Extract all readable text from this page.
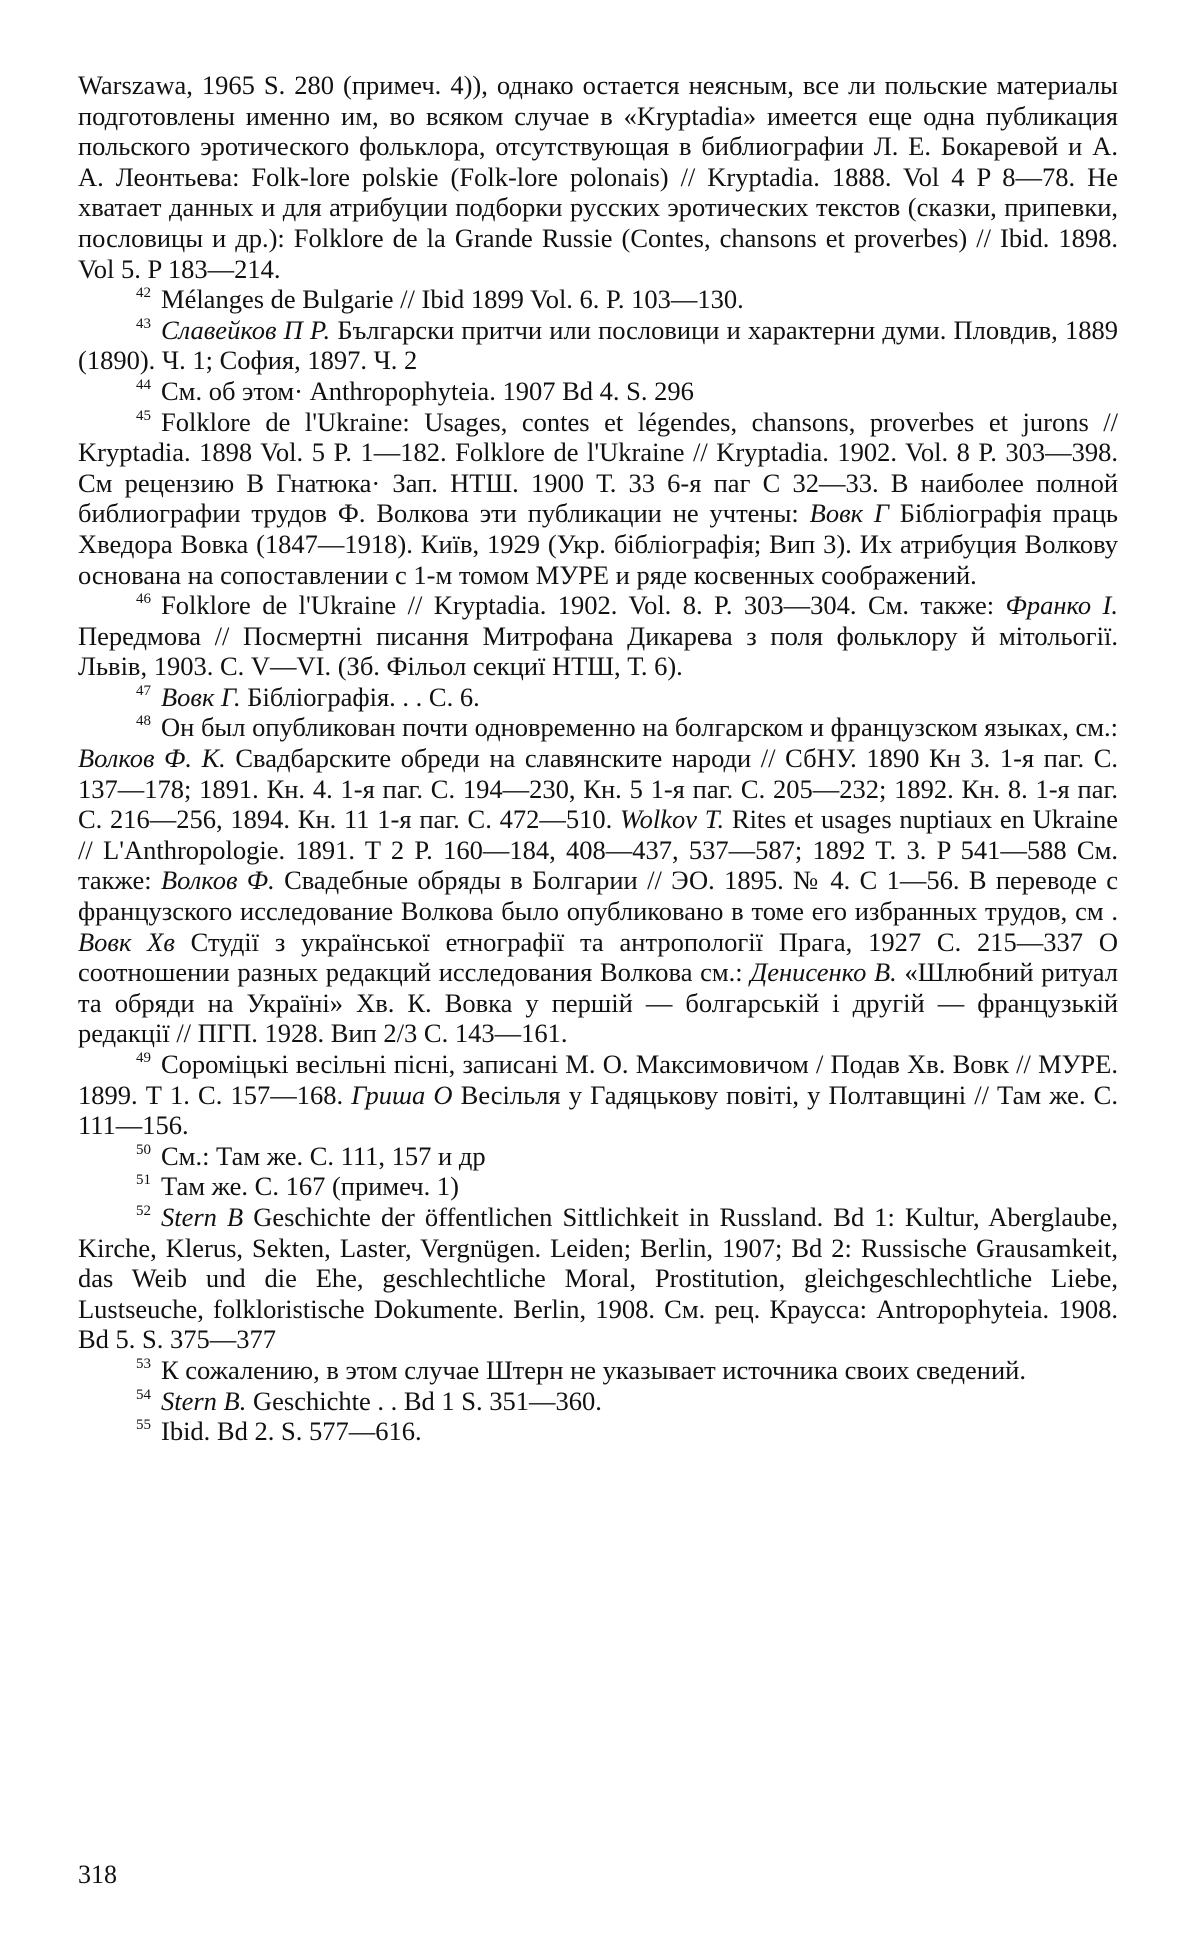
Warszawa, 1965 S. 280 (примеч. 4)), однако остается неясным, все ли польские материалы подготовлены именно им, во всяком случае в «Kryptadia» имеется еще одна публикация польского эротического фольклора, отсутствующая в библиографии Л. Е. Бокаревой и А. А. Леонтьева: Folk-lore polskie (Folk-lore polonais) // Kryptadia. 1888. Vol 4 P 8—78. Не хватает данных и для атрибуции подборки русских эротических текстов (сказки, припевки, пословицы и др.): Folklore de la Grande Russie (Contes, chansons et proverbes) // Ibid. 1898. Vol 5. P 183—214.

$^{42}$ Mélanges de Bulgarie // Ibid 1899 Vol. 6. P. 103—130.

$^{43}$ Славейков П Р. Български притчи или пословици и характерни думи. Пловдив, 1889 (1890). Ч. 1; София, 1897. Ч. 2

$^{44}$ См. об этом· Anthropophyteia. 1907 Bd 4. S. 296

$^{45}$ Folklore de l'Ukraine: Usages, contes et légendes, chansons, proverbes et jurons // Kryptadia. 1898 Vol. 5 P. 1—182. Folklore de l'Ukraine // Kryptadia. 1902. Vol. 8 P. 303—398. См рецензию В Гнатюка· Зап. НТШ. 1900 Т. 33 6-я паг С 32—33. В наиболее полной библиографии трудов Ф. Волкова эти публикации не учтены: Вовк Г Бібліографія праць Хведора Вовка (1847—1918). Київ, 1929 (Укр. бібліографія; Вип 3). Их атрибуция Волкову основана на сопоставлении с 1-м томом МУРЕ и ряде косвенных соображений.

$^{46}$ Folklore de l'Ukraine // Kryptadia. 1902. Vol. 8. P. 303—304. См. также: Франко І. Передмова // Посмертні писання Митрофана Дикарева з поля фольклору й мітольогії. Львів, 1903. С. V—VI. (Зб. Фільол секциї НТШ, Т. 6).

$^{47}$ Вовк Г. Бібліографія. . . С. 6.

$^{48}$ Он был опубликован почти одновременно на болгарском и французском языках, см.: Волков Ф. К. Свадбарските обреди на славянските народи // СбНУ. 1890 Кн 3. 1-я паг. С. 137—178; 1891. Кн. 4. 1-я паг. С. 194—230, Кн. 5 1-я паг. С. 205—232; 1892. Кн. 8. 1-я паг. С. 216—256, 1894. Кн. 11 1-я паг. С. 472—510. Wolkov T. Rites et usages nuptiaux en Ukraine // L'Anthropologie. 1891. T 2 P. 160—184, 408—437, 537—587; 1892 T. 3. P 541—588 См. также: Волков Ф. Свадебные обряды в Болгарии // ЭО. 1895. № 4. С 1—56. В переводе с французского исследование Волкова было опубликовано в томе его избранных трудов, см . Вовк Хв Студії з української етнографії та антропології Прага, 1927 С. 215—337 О соотношении разных редакций исследования Волкова см.: Денисенко В. «Шлюбний ритуал та обряди на Україні» Хв. К. Вовка у першій — болгарській і другій — французькій редакції // ПГП. 1928. Вип 2/3 С. 143—161.

$^{49}$ Сороміцькі весільні пісні, записані М. О. Максимовичом / Подав Хв. Вовк // МУРЕ. 1899. Т 1. С. 157—168. Гриша О Весільля у Гадяцькову повіті, у Полтавщині // Там же. С. 111—156.

$^{50}$ См.: Там же. С. 111, 157 и др

$^{51}$ Там же. С. 167 (примеч. 1)

$^{52}$ Stern B Geschichte der öffentlichen Sittlichkeit in Russland. Bd 1: Kultur, Aberglaube, Kirche, Klerus, Sekten, Laster, Vergnügen. Leiden; Berlin, 1907; Bd 2: Russische Grausamkeit, das Weib und die Ehe, geschlechtliche Moral, Prostitution, gleichgeschlechtliche Liebe, Lustseuche, folkloristische Dokumente. Berlin, 1908. См. рец. Краусса: Antropophyteia. 1908. Bd 5. S. 375—377

$^{53}$ К сожалению, в этом случае Штерн не указывает источника своих сведений.

$^{54}$ Stern B. Geschichte . . Bd 1 S. 351—360.

$^{55}$ Ibid. Bd 2. S. 577—616.

318
